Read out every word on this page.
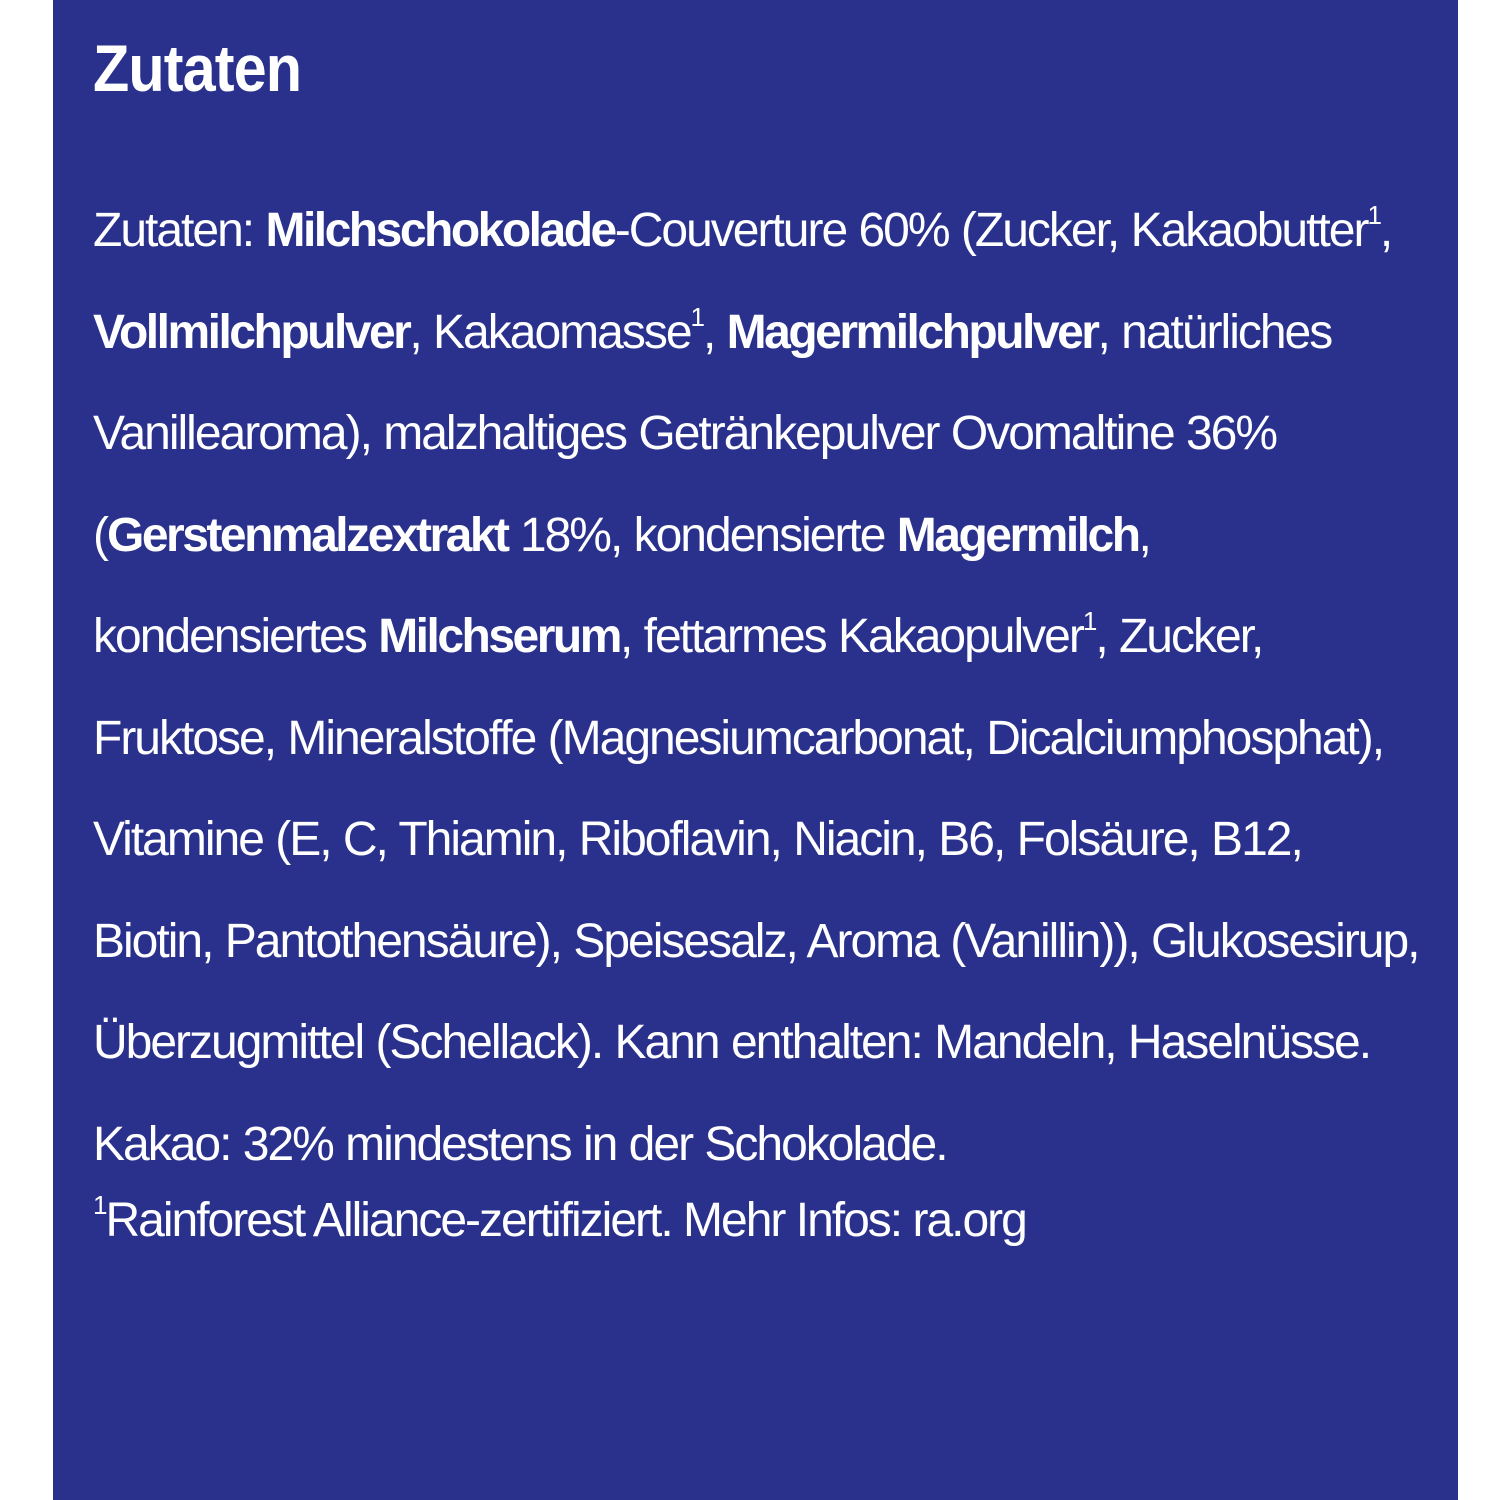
Zutaten

Zutaten: Milchschokolade-Couverture 60% (Zucker, Kakaobutter$^1$, Vollmilchpulver, Kakaomasse$^1$, Magermilchpulver, natürliches Vanillearoma), malzhaltiges Getränkepulver Ovomaltine 36% (Gerstenmalzextrakt 18%, kondensierte Magermilch, kondensiertes Milchserum, fettarmes Kakaopulver$^1$, Zucker, Fruktose, Mineralstoffe (Magnesiumcarbonat, Dicalciumphosphat), Vitamine (E, C, Thiamin, Riboflavin, Niacin, B6, Folsäure, B12, Biotin, Pantothensäure), Speisesalz, Aroma (Vanillin)), Glukosesirup, Überzugmittel (Schellack). Kann enthalten: Mandeln, Haselnüsse. Kakao: 32% mindestens in der Schokolade.

$^1$Rainforest Alliance-zertifiziert. Mehr Infos: ra.org
